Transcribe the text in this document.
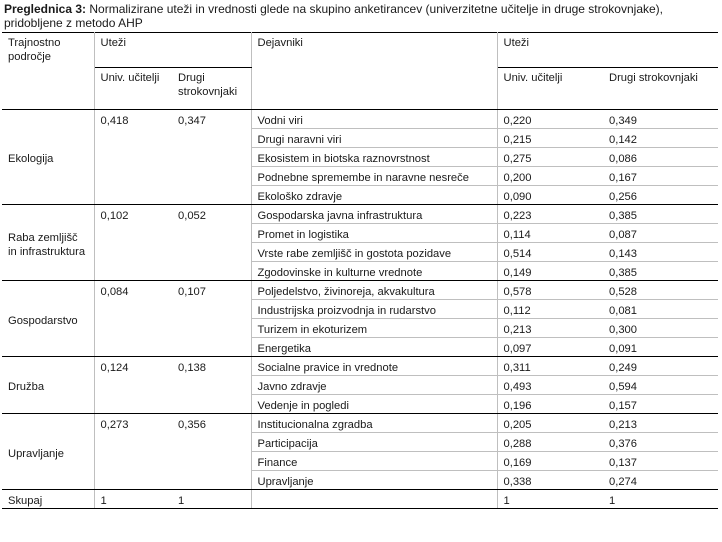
Preglednica 3: Normalizirane uteži in vrednosti glede na skupino anketirancev (univerzitetne učitelje in druge strokovnjake), pridobljene z metodo AHP
Trajnostno področje	Uteži		Dejavniki	Uteži	
	Univ. učitelji	Drugi strokovnjaki		Univ. učitelji	Drugi strokovnjaki
Ekologija	0,418	0,347	Vodni viri	0,220	0,349
			Drugi naravni viri	0,215	0,142
			Ekosistem in biotska raznovrstnost	0,275	0,086
			Podnebne spremembe in naravne nesreče	0,200	0,167
			Ekološko zdravje	0,090	0,256
Raba zemljišč in infrastruktura	0,102	0,052	Gospodarska javna infrastruktura	0,223	0,385
			Promet in logistika	0,114	0,087
			Vrste rabe zemljišč in gostota pozidave	0,514	0,143
			Zgodovinske in kulturne vrednote	0,149	0,385
Gospodarstvo	0,084	0,107	Poljedelstvo, živinoreja, akvakultura	0,578	0,528
			Industrijska proizvodnja in rudarstvo	0,112	0,081
			Turizem in ekoturizem	0,213	0,300
			Energetika	0,097	0,091
Družba	0,124	0,138	Socialne pravice in vrednote	0,311	0,249
			Javno zdravje	0,493	0,594
			Vedenje in pogledi	0,196	0,157
Upravljanje	0,273	0,356	Institucionalna zgradba	0,205	0,213
			Participacija	0,288	0,376
			Finance	0,169	0,137
			Upravljanje	0,338	0,274
Skupaj	1	1		1	1
